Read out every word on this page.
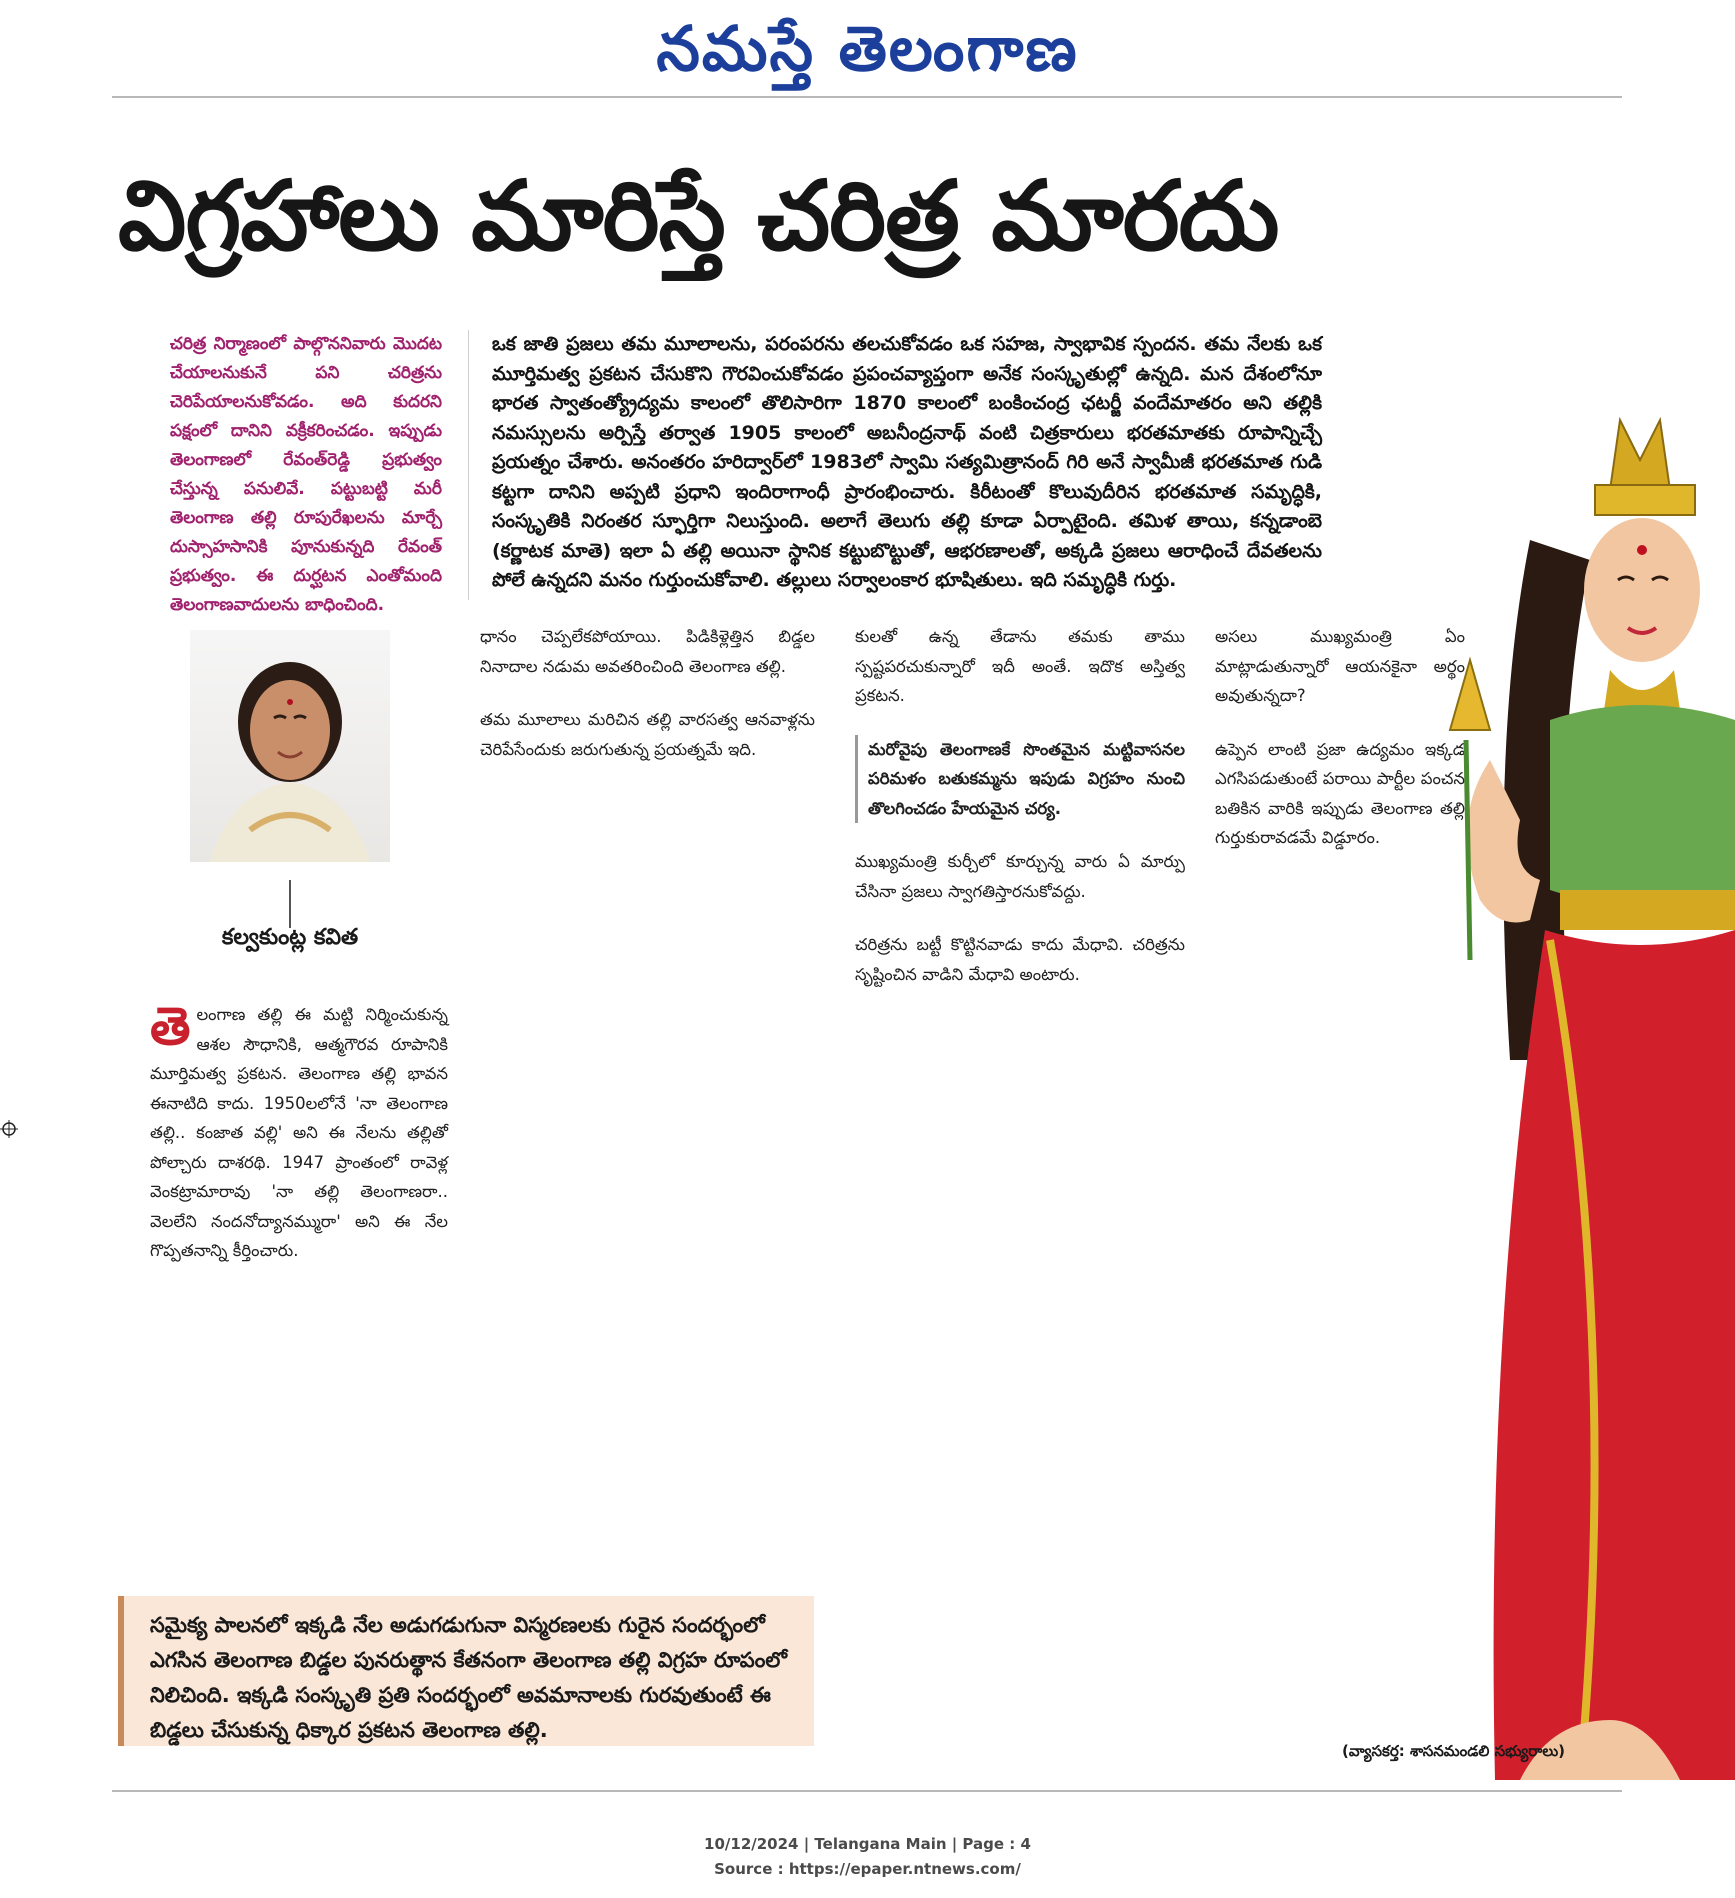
నమస్తే తెలంగాణ
విగ్రహాలు మారిస్తే చరిత్ర మారదు
చరిత్ర నిర్మాణంలో పాల్గొననివారు మొదట చేయాలనుకునే పని చరిత్రను చెరిపేయాలనుకోవడం. అది కుదరని పక్షంలో దానిని వక్రీకరించడం. ఇప్పుడు తెలంగాణలో రేవంత్‌రెడ్డి ప్రభుత్వం చేస్తున్న పనులివే. పట్టుబట్టి మరీ తెలంగాణ తల్లి రూపురేఖలను మార్చే దుస్సాహసానికి పూనుకున్నది రేవంత్ ప్రభుత్వం. ఈ దుర్ఘటన ఎంతోమంది తెలంగాణవాదులను బాధించింది.
ఒక జాతి ప్రజలు తమ మూలాలను, పరంపరను తలచుకోవడం ఒక సహజ, స్వాభావిక స్పందన. తమ నేలకు ఒక మూర్తిమత్వ ప్రకటన చేసుకొని గౌరవించుకోవడం ప్రపంచవ్యాప్తంగా అనేక సంస్కృతుల్లో ఉన్నది. మన దేశంలోనూ భారత స్వాతంత్య్రోద్యమ కాలంలో తొలిసారిగా 1870 కాలంలో బంకించంద్ర ఛటర్జీ వందేమాతరం అని తల్లికి నమస్సులను అర్పిస్తే తర్వాత 1905 కాలంలో అబనీంద్రనాథ్ వంటి చిత్రకారులు భరతమాతకు రూపాన్నిచ్చే ప్రయత్నం చేశారు. అనంతరం హరిద్వార్‌లో 1983లో స్వామి సత్యమిత్రానంద్ గిరి అనే స్వామీజీ భరతమాత గుడి కట్టగా దానిని అప్పటి ప్రధాని ఇందిరాగాంధీ ప్రారంభించారు. కిరీటంతో కొలువుదీరిన భరతమాత సమృద్ధికి, సంస్కృతికి నిరంతర స్ఫూర్తిగా నిలుస్తుంది. అలాగే తెలుగు తల్లి కూడా ఏర్పాటైంది. తమిళ తాయి, కన్నడాంబె (కర్ణాటక మాతె) ఇలా ఏ తల్లి అయినా స్థానిక కట్టుబొట్టుతో, ఆభరణాలతో, అక్కడి ప్రజలు ఆరాధించే దేవతలను పోలే ఉన్నదని మనం గుర్తుంచుకోవాలి. తల్లులు సర్వాలంకార భూషితులు. ఇది సమృద్ధికి గుర్తు.
కల్వకుంట్ల కవిత
తె లంగాణ తల్లి ఈ మట్టి నిర్మించుకున్న ఆశల సౌధానికి, ఆత్మగౌరవ రూపానికి మూర్తిమత్వ ప్రకటన. తెలంగాణ తల్లి భావన ఈనాటిది కాదు. 1950లలోనే 'నా తెలంగాణ తల్లి.. కంజాత వల్లి' అని ఈ నేలను తల్లితో పోల్చారు దాశరథి. 1947 ప్రాంతంలో రావెళ్ల వెంకట్రామారావు 'నా తల్లి తెలంగాణరా.. వెలలేని నందనోద్యానమ్మురా' అని ఈ నేల గొప్పతనాన్ని కీర్తించారు.

ధానం చెప్పలేకపోయాయి. పిడికిళ్లెత్తిన బిడ్డల నినాదాల నడుమ అవతరించింది తెలంగాణ తల్లి.

తమ మూలాలు మరిచిన తల్లి వారసత్వ ఆనవాళ్లను చెరిపేసేందుకు జరుగుతున్న ప్రయత్నమే ఇది.

కులతో ఉన్న తేడాను తమకు తాము స్పష్టపరచుకున్నారో ఇదీ అంతే. ఇదొక అస్తిత్వ ప్రకటన.

మరోవైపు తెలంగాణకే సొంతమైన మట్టివాసనల పరిమళం బతుకమ్మను ఇపుడు విగ్రహం నుంచి తొలగించడం హేయమైన చర్య.

ముఖ్యమంత్రి కుర్చీలో కూర్చున్న వారు ఏ మార్పు చేసినా ప్రజలు స్వాగతిస్తారనుకోవద్దు.

చరిత్రను బట్టీ కొట్టినవాడు కాదు మేధావి. చరిత్రను సృష్టించిన వాడిని మేధావి అంటారు.

అసలు ముఖ్యమంత్రి ఏం మాట్లాడుతున్నారో ఆయనకైనా అర్థం అవుతున్నదా?

ఉప్పెన లాంటి ప్రజా ఉద్యమం ఇక్కడ ఎగసిపడుతుంటే పరాయి పార్టీల పంచన బతికిన వారికి ఇప్పుడు తెలంగాణ తల్లి గుర్తుకురావడమే విడ్డూరం.

సమైక్య పాలనలో ఇక్కడి నేల అడుగడుగునా విస్మరణలకు గురైన సందర్భంలో ఎగసిన తెలంగాణ బిడ్డల పునరుత్థాన కేతనంగా తెలంగాణ తల్లి విగ్రహ రూపంలో నిలిచింది. ఇక్కడి సంస్కృతి ప్రతి సందర్భంలో అవమానాలకు గురవుతుంటే ఈ బిడ్డలు చేసుకున్న ధిక్కార ప్రకటన తెలంగాణ తల్లి.
(వ్యాసకర్త: శాసనమండలి సభ్యురాలు)
10/12/2024 | Telangana Main | Page : 4
Source : https://epaper.ntnews.com/
